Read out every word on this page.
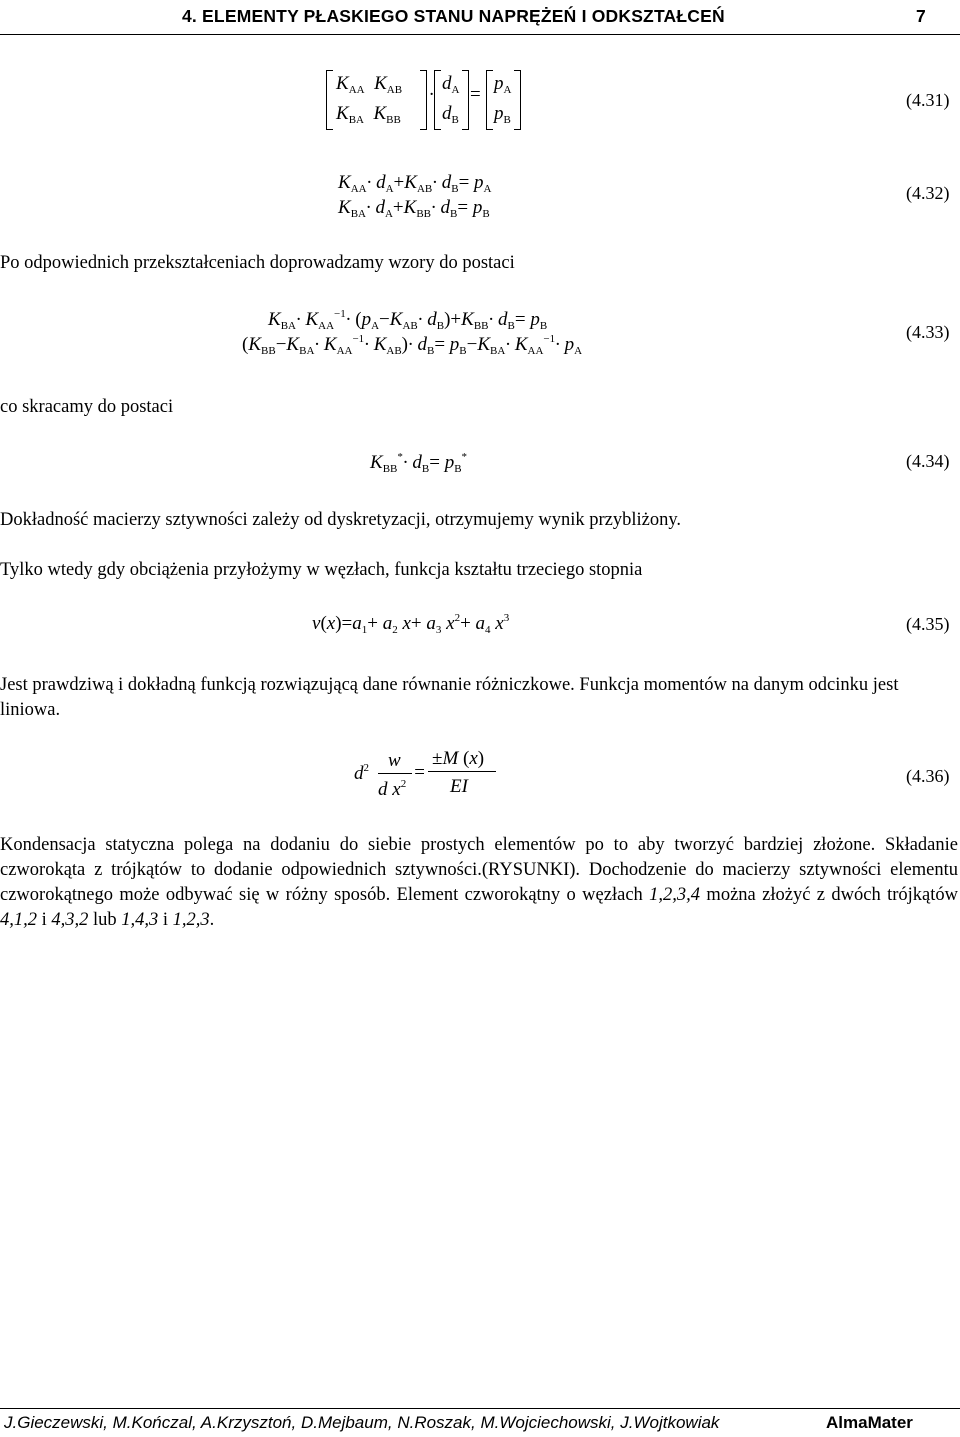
4. ELEMENTY PŁASKIEGO STANU NAPRĘŻEŃ I ODKSZTAŁCEŃ	7
$K_{AA}$  $K_{AB}$
$K_{BA}$  $K_{BB}$
·
$d_A$
$d_B$
=
$p_A$
$p_B$
(4.31)
$K_{AA}\cdot d_A+K_{AB}\cdot d_B= p_A$
$K_{BA}\cdot d_A+K_{BB}\cdot d_B= p_B$
(4.32)
Po odpowiednich przekształceniach doprowadzamy wzory do postaci
$K_{BA}\cdot K_{AA}^{-1}\cdot (p_A-K_{AB}\cdot d_B)+K_{BB}\cdot d_B= p_B$
$(K_{BB}-K_{BA}\cdot K_{AA}^{-1}\cdot K_{AB})\cdot d_B= p_B-K_{BA}\cdot K_{AA}^{-1}\cdot p_A$
(4.33)
co skracamy do postaci
$K_{BB}^*\cdot d_B= p_B^*$	(4.34)
Dokładność macierzy sztywności zależy od dyskretyzacji, otrzymujemy wynik przybliżony.
Tylko wtedy gdy obciążenia przyłożymy w węzłach, funkcja kształtu trzeciego stopnia
$v(x)=a_1+ a_2$ $x+ a_3$ $x^2+ a_4$ $x^3$	(4.35)
Jest prawdziwą i dokładną funkcją rozwiązującą dane równanie różniczkowe. Funkcja momentów na danym odcinku jest liniowa.
$d^2$ w
d $x^2$
=
±M (x)
EI	(4.36)
Kondensacja statyczna polega na dodaniu do siebie prostych elementów po to aby tworzyć bardziej złożone. Składanie czworokąta z trójkątów to dodanie odpowiednich sztywności.(RYSUNKI). Dochodzenie do macierzy sztywności elementu czworokątnego może odbywać się w różny sposób. Element czworokątny o węzłach 1,2,3,4 można złożyć z dwóch trójkątów 4,1,2 i 4,3,2 lub 1,4,3 i 1,2,3.
J.Gieczewski, M.Kończal, A.Krzysztoń, D.Mejbaum, N.Roszak, M.Wojciechowski, J.Wojtkowiak	AlmaMater
